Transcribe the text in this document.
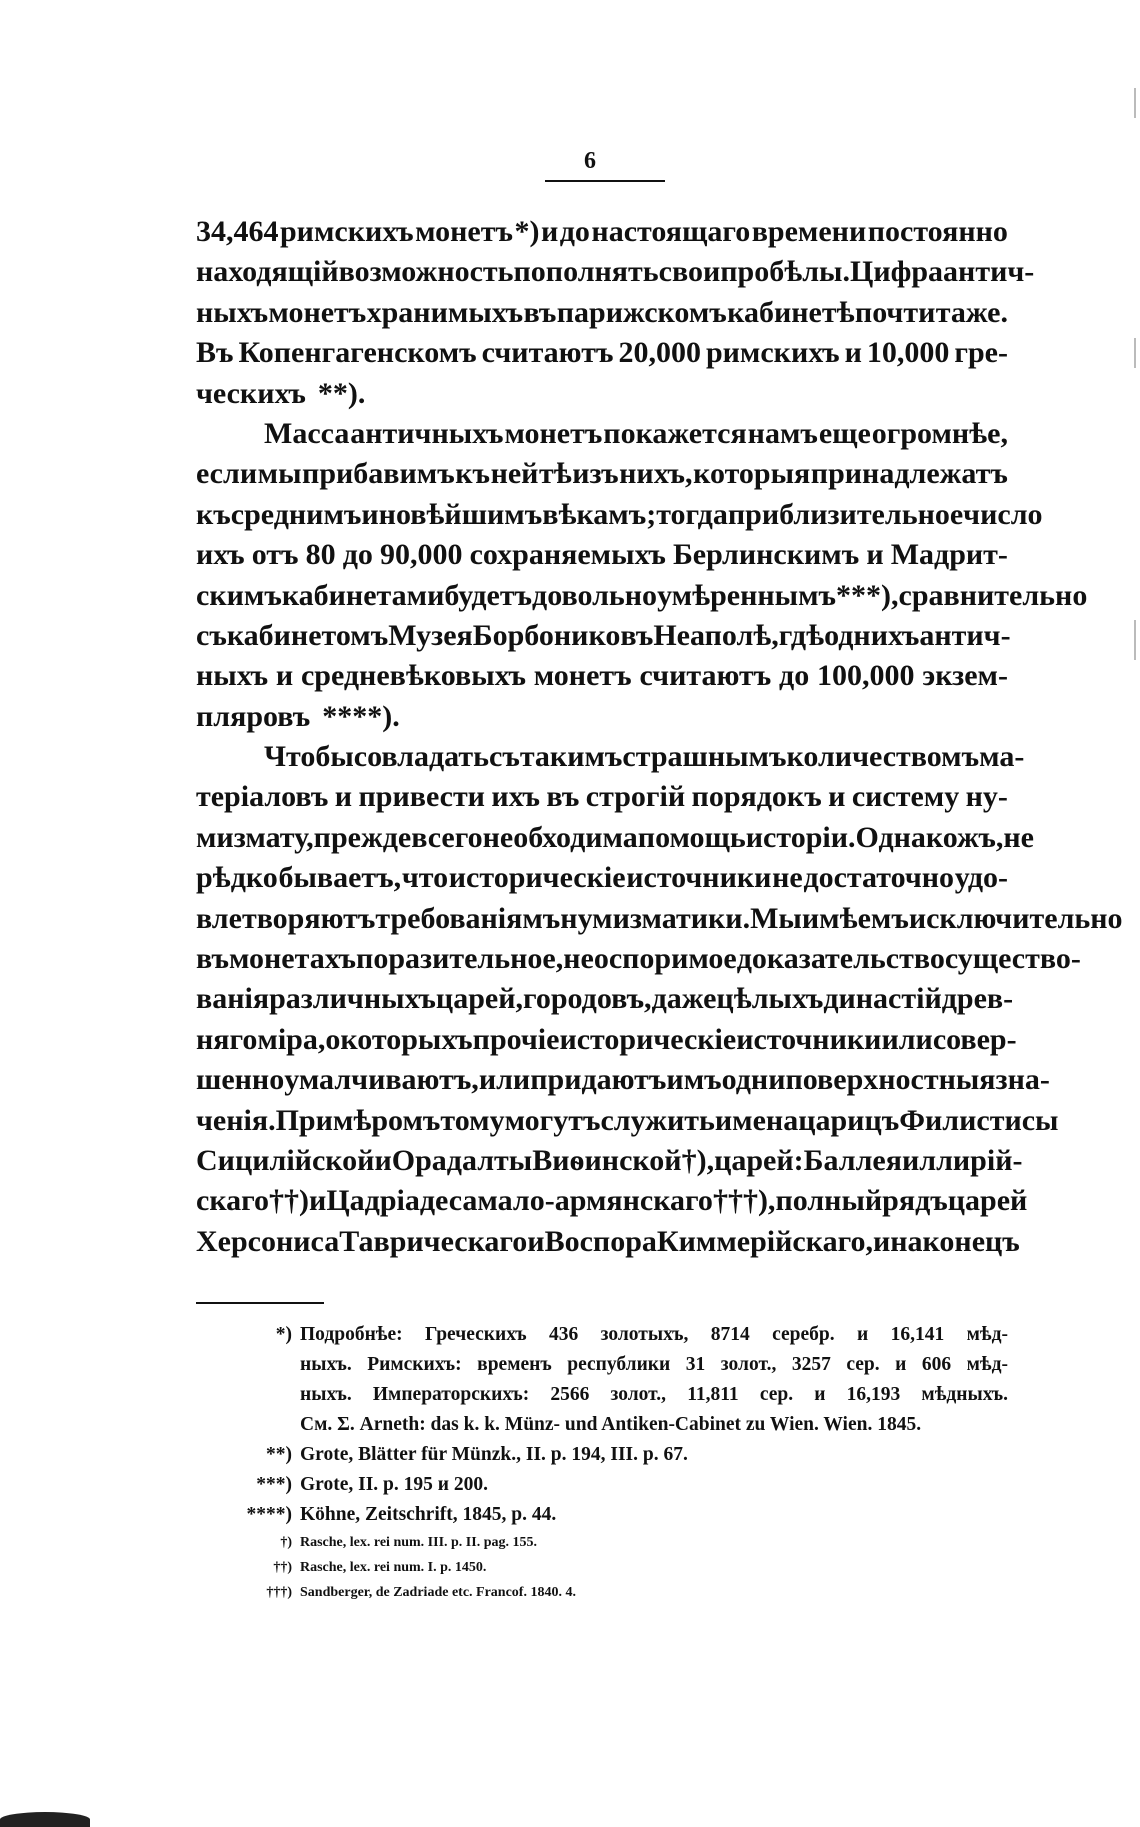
6
34,464 римскихъ монетъ *) и до настоящаго времени постоянно
находящій возможность пополнять свои пробѣлы. Цифра антич-
ныхъ монетъ хранимыхъ въ парижскомъ кабинетѣ почти таже.
Въ Копенгагенскомъ считаютъ 20,000 римскихъ и 10,000 гре-
ческихъ **).
Масса античныхъ монетъ покажется намъ еще огромнѣе,
если мы прибавимъ къ ней тѣ изъ нихъ, которыя принадлежатъ
къ среднимъ и новѣйшимъ вѣкамъ; тогда приблизительное число
ихъ отъ 80 до 90,000 сохраняемыхъ Берлинскимъ и Мадрит-
скимъ кабинетами будетъ довольно умѣреннымъ ***), сравнительно
съ кабинетомъ Музея Борбонико въ Неаполѣ, гдѣ однихъ антич-
ныхъ и средневѣковыхъ монетъ считаютъ до 100,000 экзем-
пляровъ ****).
Чтобы совладать съ такимъ страшнымъ количествомъ ма-
теріаловъ и привести ихъ въ строгій порядокъ и систему ну-
мизмату, прежде всего необходима помощь исторіи. Однакожъ, не
рѣдко бываетъ, что историческіе источники не достаточно удо-
влетворяютъ требованіямъ нумизматики. Мы имѣемъ исключительно
въ монетахъ поразительное, неоспоримое доказательство существо-
ванія различныхъ царей, городовъ, даже цѣлыхъ династій древ-
няго міра, о которыхъ прочіе историческіе источники или совер-
шенно умалчиваютъ, или придаютъ имъ одни поверхностныя зна-
ченія. Примѣромъ тому могутъ служить имена царицъ Филистисы
Сицилійской и Орадалты Виѳинской †), царей: Баллея иллирій-
скаго ††) и Цадріадеса мало-армянскаго †††), полный рядъ царей
Херсониса Таврическаго и Воспора Киммерійскаго, и наконецъ
*) Подробнѣе: Греческихъ 436 золотыхъ, 8714 серебр. и 16,141 мѣд-
ныхъ. Римскихъ: временъ республики 31 золот., 3257 сер. и 606 мѣд-
ныхъ. Императорскихъ: 2566 золот., 11,811 сер. и 16,193 мѣдныхъ.
См. Σ. Arneth: das k. k. Münz- und Antiken-Cabinet zu Wien. Wien. 1845.
**) Grote, Blätter für Münzk., II. p. 194, III. p. 67.
***) Grote, II. p. 195 и 200.
****) Köhne, Zeitschrift, 1845, p. 44.
†) Rasche, lex. rei num. III. p. II. pag. 155.
††) Rasche, lex. rei num. I. p. 1450.
†††) Sandberger, de Zadriade etc. Francof. 1840. 4.
